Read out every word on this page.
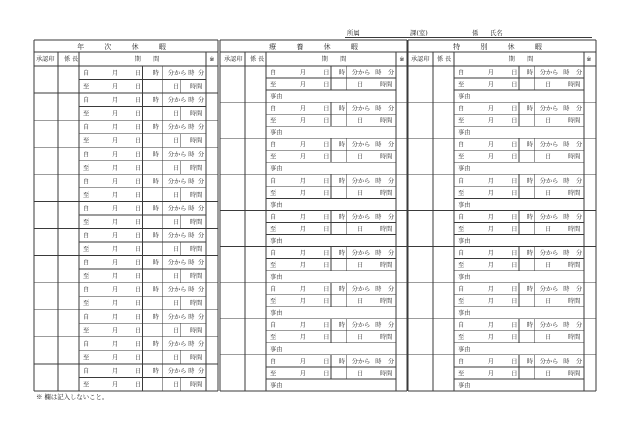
所属	課(室)	係 氏名
年 次 休 暇	療 養 休 暇	特 別 休 暇
承認印 係 長	期　　間	※ 承認印 係 長	期　　間	※ 承認印 係 長	期　　間	※
自	月	日 時 分から 時 分
至	月	日	日 時間
自	月	日 時 分から 時 分
至	月	日	日 時間
自	月	日 時 分から 時 分
至	月	日	日 時間
自	月	日 時 分から 時 分
至	月	日	日 時間
自	月	日 時 分から 時 分
至	月	日	日 時間
自	月	日 時 分から 時 分
至	月	日	日 時間
自	月	日 時 分から 時 分
至	月	日	日 時間
自	月	日 時 分から 時 分
至	月	日	日 時間
自	月	日 時 分から 時 分
至	月	日	日 時間
自	月	日 時 分から 時 分
至	月	日	日 時間
自	月	日 時 分から 時 分
至	月	日	日 時間
自	月	日 時 分から 時 分
至	月	日	日 時間
自	月	日 時 分から 時 分
至	月	日	日	時間
事由
自	月	日 時 分から 時 分
至	月	日	日	時間
事由
自	月	日 時 分から 時 分
至	月	日	日	時間
事由
自	月	日 時 分から 時 分
至	月	日	日	時間
事由
自	月	日 時 分から 時 分
至	月	日	日	時間
事由
自	月	日 時 分から 時 分
至	月	日	日	時間
事由
自	月	日 時 分から 時 分
至	月	日	日	時間
事由
自	月	日 時 分から 時 分
至	月	日	日	時間
事由
自	月	日 時 分から 時 分
至	月	日	日	時間
事由
自	月	日 時 分から 時 分
至	月	日	日	時間
事由
自	月	日 時 分から 時 分
至	月	日	日	時間
事由
自	月	日 時 分から 時 分
至	月	日	日	時間
事由
自	月	日 時 分から 時 分
至	月	日	日	時間
事由
自	月	日 時 分から 時 分
至	月	日	日	時間
事由
自	月	日 時 分から 時 分
至	月	日	日	時間
事由
自	月	日 時 分から 時 分
至	月	日	日	時間
事由
自	月	日 時 分から 時 分
至	月	日	日	時間
事由
自	月	日 時 分から 時 分
至	月	日	日	時間
事由
※ 欄は記入しないこと。
